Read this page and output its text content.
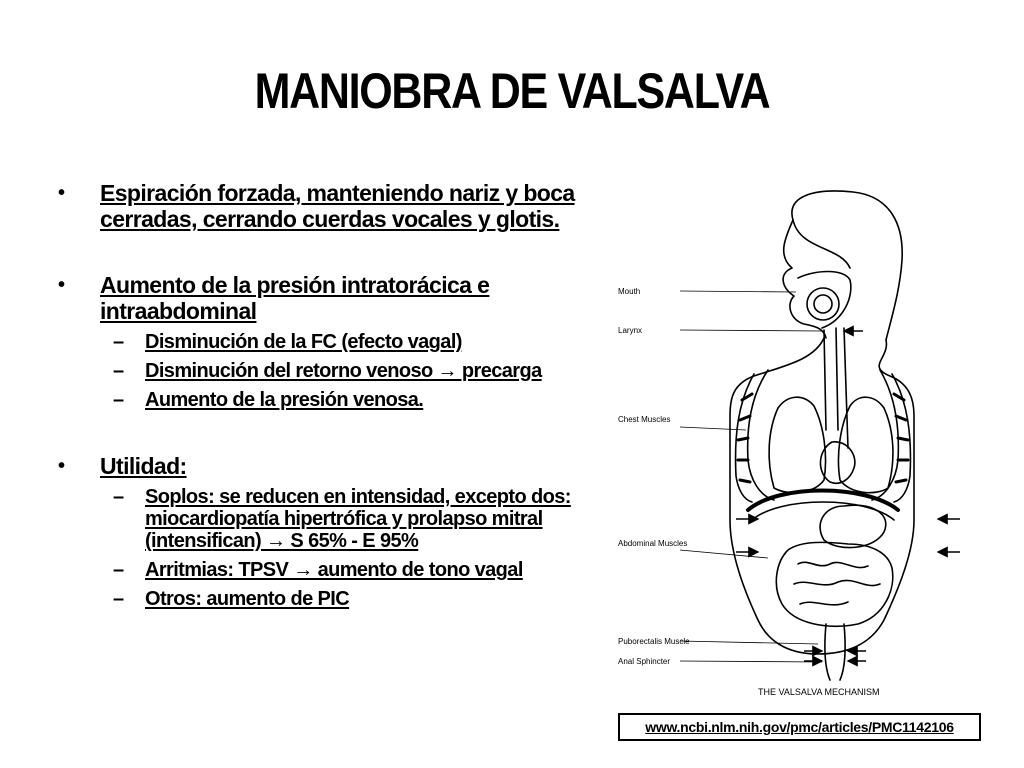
MANIOBRA DE VALSALVA
•	Espiración forzada, manteniendo nariz y boca cerradas, cerrando cuerdas vocales y glotis.
•	Aumento de la presión intratorácica e intraabdominal
–	Disminución de la FC (efecto vagal)
–	Disminución del retorno venoso → precarga
–	Aumento de la presión venosa.
•	Utilidad:
–	Soplos: se reducen en intensidad, excepto dos: miocardiopatía hipertrófica y prolapso mitral (intensifican) → S 65% - E 95%
–	Arritmias: TPSV → aumento de tono vagal
–	Otros: aumento de PIC
Mouth
Larynx
Chest Muscles
Abdominal Muscles
Puborectalis Muscle
Anal Sphincter
THE VALSALVA MECHANISM
www.ncbi.nlm.nih.gov/pmc/articles/PMC1142106
